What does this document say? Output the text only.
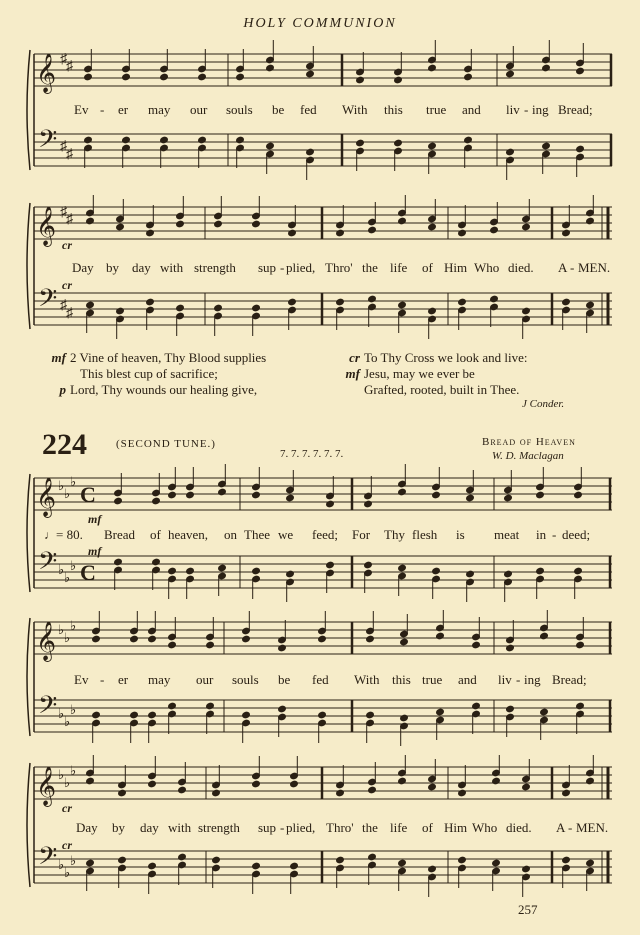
HOLY COMMUNION
𝄞 ♯ ♯
𝄢 ♯
♯
Ev - er may our souls be fed With this true and liv - ing Bread;
𝄞 ♯ ♯
𝄢 ♯
♯
cr
cr
Day by day with strength sup - plied, Thro' the life of Him Who died. A - MEN.
mf 2 Vine of heaven, Thy Blood supplies
This blest cup of sacrifice;
p Lord, Thy wounds our healing give,
cr To Thy Cross we look and live:
mf Jesu, may we ever be
Grafted, rooted, built in Thee.
J Conder.
224	(SECOND TUNE.)
7. 7. 7. 7. 7. 7.
Bread of Heaven
W. D. Maclagan
𝄞 ♭
♭
♭
C
𝄢 ♭
♭
♭ C
mf
mf
♩= 80. Bread of heaven, on Thee we feed; For Thy flesh is meat in - deed;
𝄞 ♭
♭
♭
𝄢 ♭
♭
♭
Ev - er may our souls be fed With this true and liv - ing Bread;
𝄞 ♭
♭
♭
𝄢 ♭
♭
♭
cr
cr
Day by day with strength sup - plied, Thro' the life of Him Who died. A - MEN.
257
